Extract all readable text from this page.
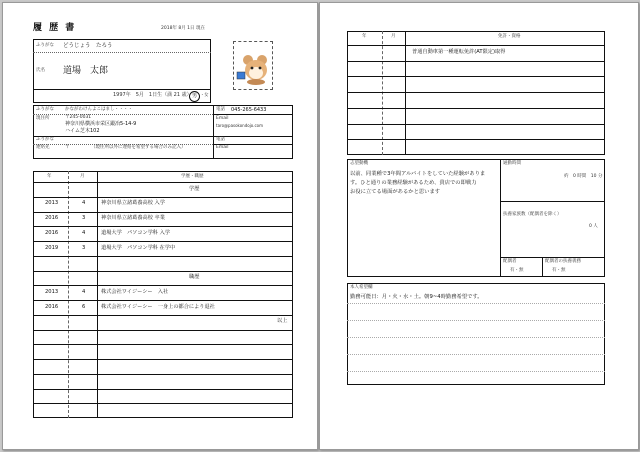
履 歴 書	2018年 8月 1日 現在
ふりがな どうじょう　たろう
氏名 道場　太郎
1997年　5月　1日生（満 21 歳） 男 ・ 女
ふりがな かながわけんよこはまし・・・・
現住所	〒245-0031
神奈川県横浜市栄区鍛冶5-14-9
ハイム芝木102
電話 045-265-6433
Email
taro@pasokondojo.com
ふりがな
連絡先	〒	（現住所以外に連絡を希望する場合のみ記入）
電話
Email
年	月	学歴・職歴
学歴
2013	4	神奈川県立諸葛養高校 入学
2016	3	神奈川県立諸葛養高校 卒業
2016	4	道場大学　パソコン学科 入学
2019	3	道場大学　パソコン学科 在学中
職歴
2013	4	株式会社ワイジーシー　入社
2016	6	株式会社ワイジーシー　一身上の都合により退社
以上
年	月	免許・資格
普通自動車第一種運転免許(AT限定)取得
志望動機
以前、同業種で3年間アルバイトをしていた経験がありま
す。ひと通りの業務経験があるため、貴店での即戦力
お役に立てる場面があるかと思います
通勤時間
約　0 時間　10 分
扶養家族数（配偶者を除く）
0 人
配偶者
有・無
配偶者の扶養義務
有・無
本人希望欄
勤務可能日：月・火・水・土。朝9~4時勤務希望です。
